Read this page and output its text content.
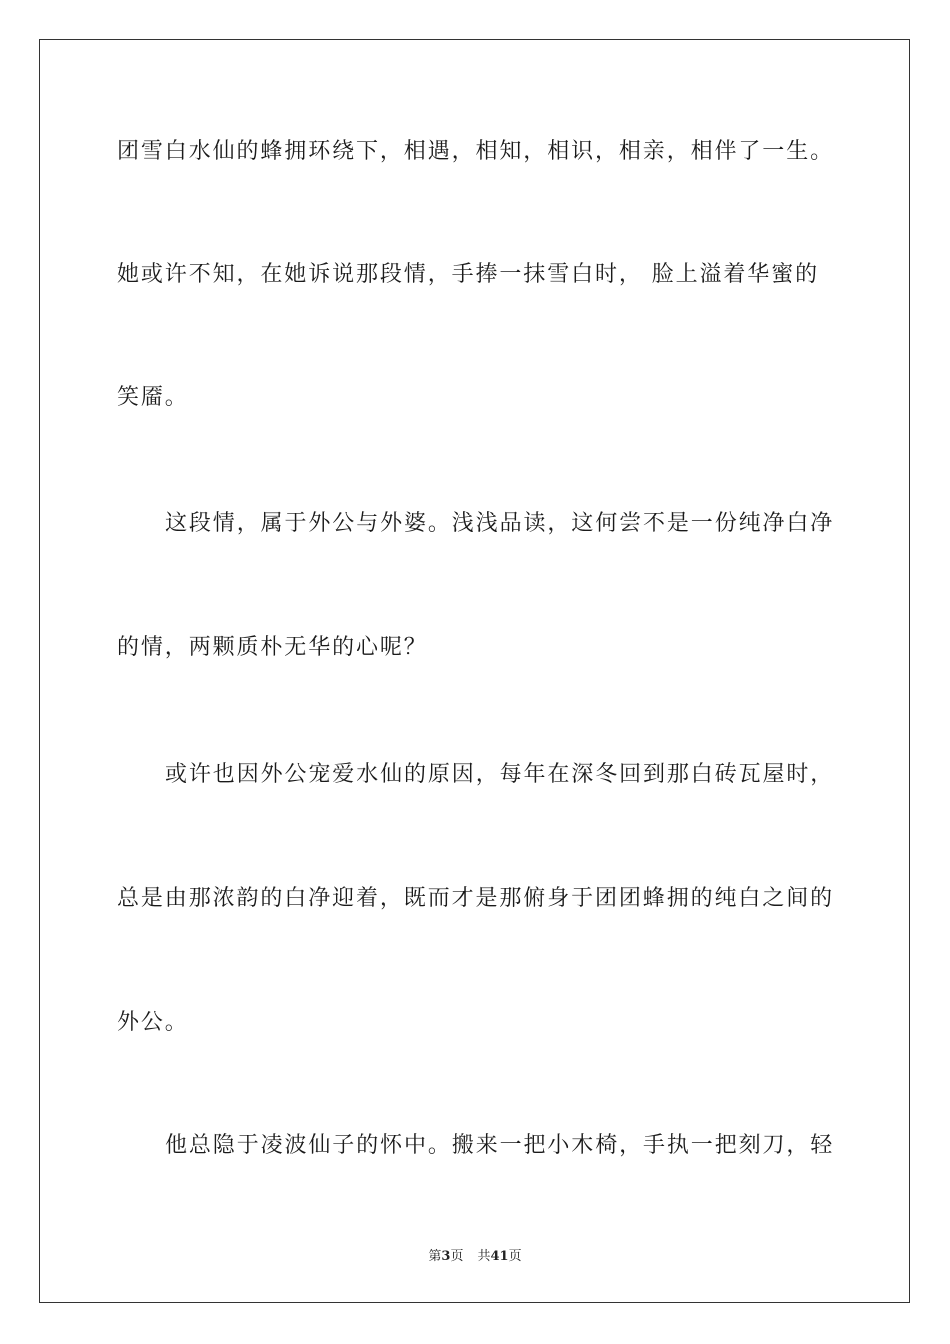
团雪白水仙的蜂拥环绕下，相遇，相知，相识，相亲，相伴了一生。
她或许不知，在她诉说那段情，手捧一抹雪白时， 脸上溢着华蜜的
笑靥。
这段情，属于外公与外婆。浅浅品读，这何尝不是一份纯净白净
的情，两颗质朴无华的心呢？
或许也因外公宠爱水仙的原因，每年在深冬回到那白砖瓦屋时，
总是由那浓韵的白净迎着，既而才是那俯身于团团蜂拥的纯白之间的
外公。
他总隐于凌波仙子的怀中。搬来一把小木椅，手执一把刻刀，轻
第3页 共41页
